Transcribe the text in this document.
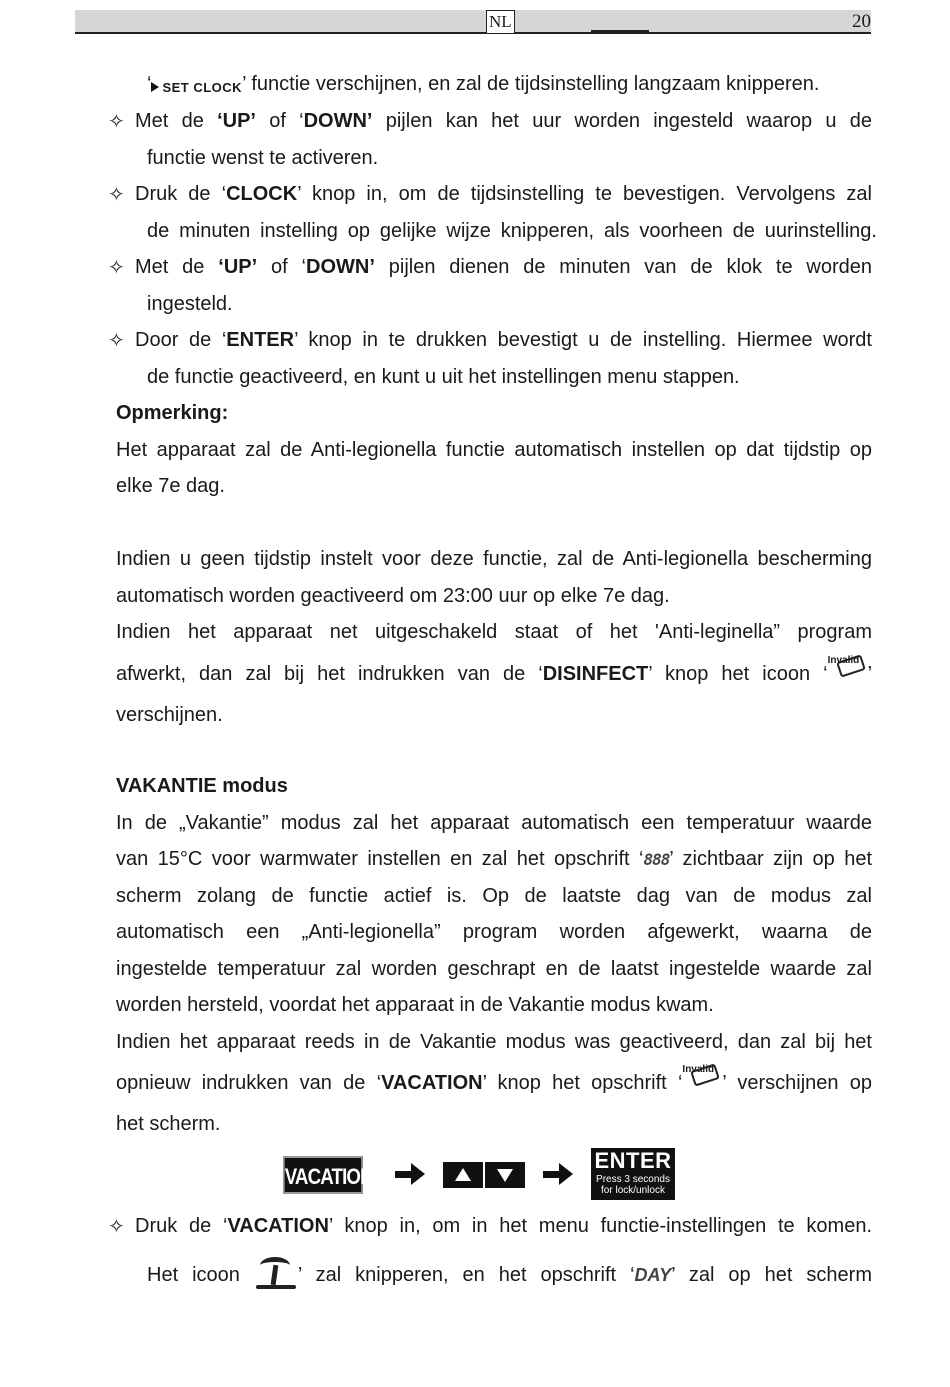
NL	20
‘ SET CLOCK’ functie verschijnen, en zal de tijdsinstelling langzaam knipperen.
✧ Met de ‘UP’ of ‘DOWN’ pijlen kan het uur worden ingesteld waarop u de
functie wenst te activeren.
✧ Druk de ‘CLOCK’ knop in, om de tijdsinstelling te bevestigen. Vervolgens zal
de minuten instelling op gelijke wijze knipperen, als voorheen de uurinstelling.
✧ Met de ‘UP’ of ‘DOWN’ pijlen dienen de minuten van de klok te worden
ingesteld.
✧ Door de ‘ENTER’ knop in te drukken bevestigt u de instelling. Hiermee wordt
de functie geactiveerd, en kunt u uit het instellingen menu stappen.
Opmerking:
Het apparaat zal de Anti-legionella functie automatisch instellen op dat tijdstip op
elke 7e dag.
Indien u geen tijdstip instelt voor deze functie, zal de Anti-legionella bescherming
automatisch worden geactiveerd om 23:00 uur op elke 7e dag.
Indien het apparaat net uitgeschakeld staat of het 'Anti-leginella” program
afwerkt, dan zal bij het indrukken van de ‘DISINFECT’ knop het icoon ‘
Invalid
’
verschijnen.
VAKANTIE modus
In de „Vakantie” modus zal het apparaat automatisch een temperatuur waarde
van 15°C voor warmwater instellen en zal het opschrift ‘888’ zichtbaar zijn op het
scherm zolang de functie actief is. Op de laatste dag van de modus zal
automatisch een „Anti-legionella” program worden afgewerkt, waarna de
ingestelde temperatuur zal worden geschrapt en de laatst ingestelde waarde zal
worden hersteld, voordat het apparaat in de Vakantie modus kwam.
Indien het apparaat reeds in de Vakantie modus was geactiveerd, dan zal bij het
opnieuw indrukken van de ‘VACATION’ knop het opschrift ‘
Invalid
’ verschijnen op
het scherm.
VACATION
ENTER
Press 3 seconds
for lock/unlock
✧ Druk de ‘VACATION’ knop in, om in het menu functie-instellingen te komen.
Het icoon
’ zal knipperen, en het opschrift ‘DAY’ zal op het scherm
